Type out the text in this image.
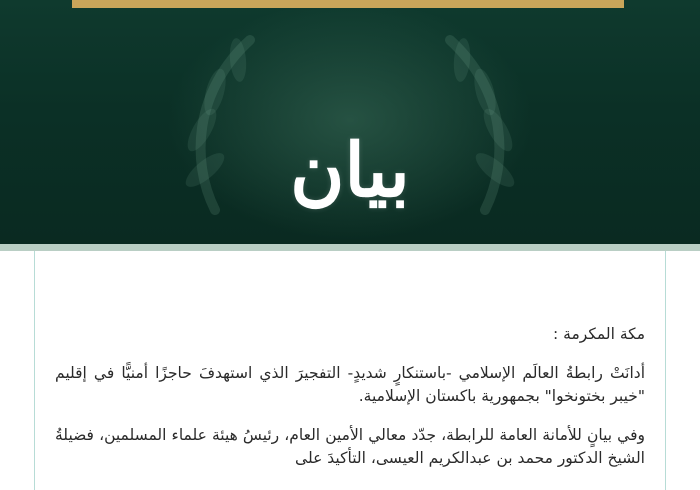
بيان

مكة المكرمة :

أدانَتْ رابطةُ العالَم الإسلامي -باستنكارٍ شديدٍ- التفجيرَ الذي استهدفَ حاجزًا أمنيًّا في إقليم "خيبر بختونخوا" بجمهورية باكستان الإسلامية.

وفي بيانٍ للأمانة العامة للرابطة، جدّد معالي الأمين العام، رئيسُ هيئة علماء المسلمين، فضيلةُ الشيخ الدكتور محمد بن عبدالكريم العيسى، التأكيدَ على
